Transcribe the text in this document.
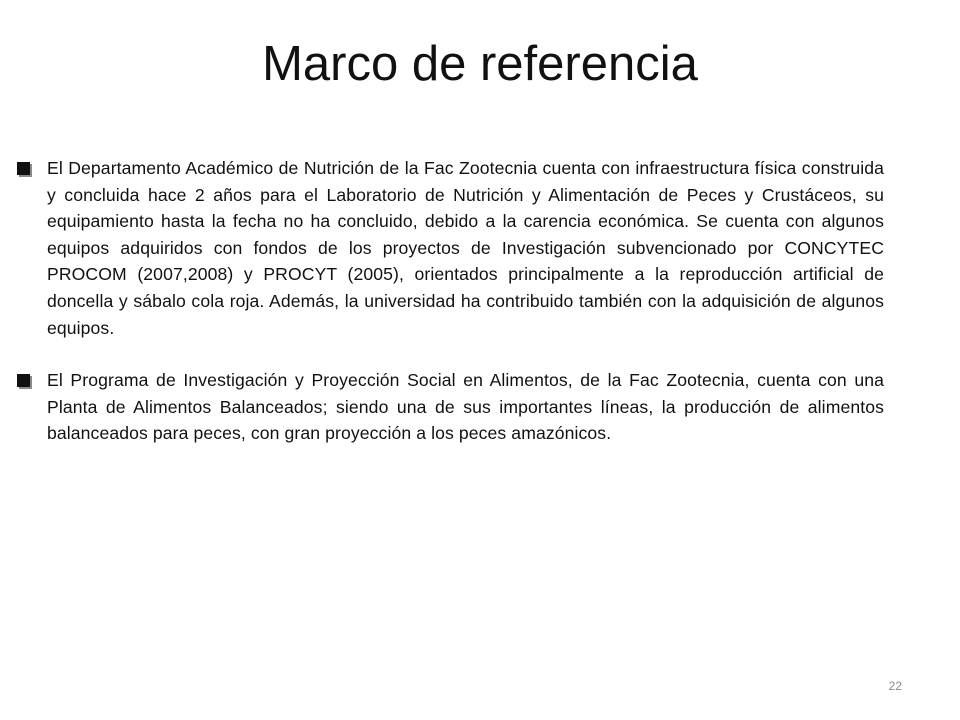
Marco de referencia
El Departamento Académico de Nutrición de la Fac Zootecnia cuenta con infraestructura física construida y concluida hace 2 años para el Laboratorio de Nutrición y Alimentación de Peces y Crustáceos, su equipamiento hasta la fecha no ha concluido, debido a la carencia económica. Se cuenta con algunos equipos adquiridos con fondos de los proyectos de Investigación subvencionado por CONCYTEC PROCOM (2007,2008) y PROCYT (2005), orientados principalmente a la reproducción artificial de doncella y sábalo cola roja. Además, la universidad ha contribuido también con la adquisición de algunos equipos.
El Programa de Investigación y Proyección Social en Alimentos, de la Fac Zootecnia, cuenta con una Planta de Alimentos Balanceados; siendo una de sus importantes líneas, la producción de alimentos balanceados para peces, con gran proyección a los peces amazónicos.
22
